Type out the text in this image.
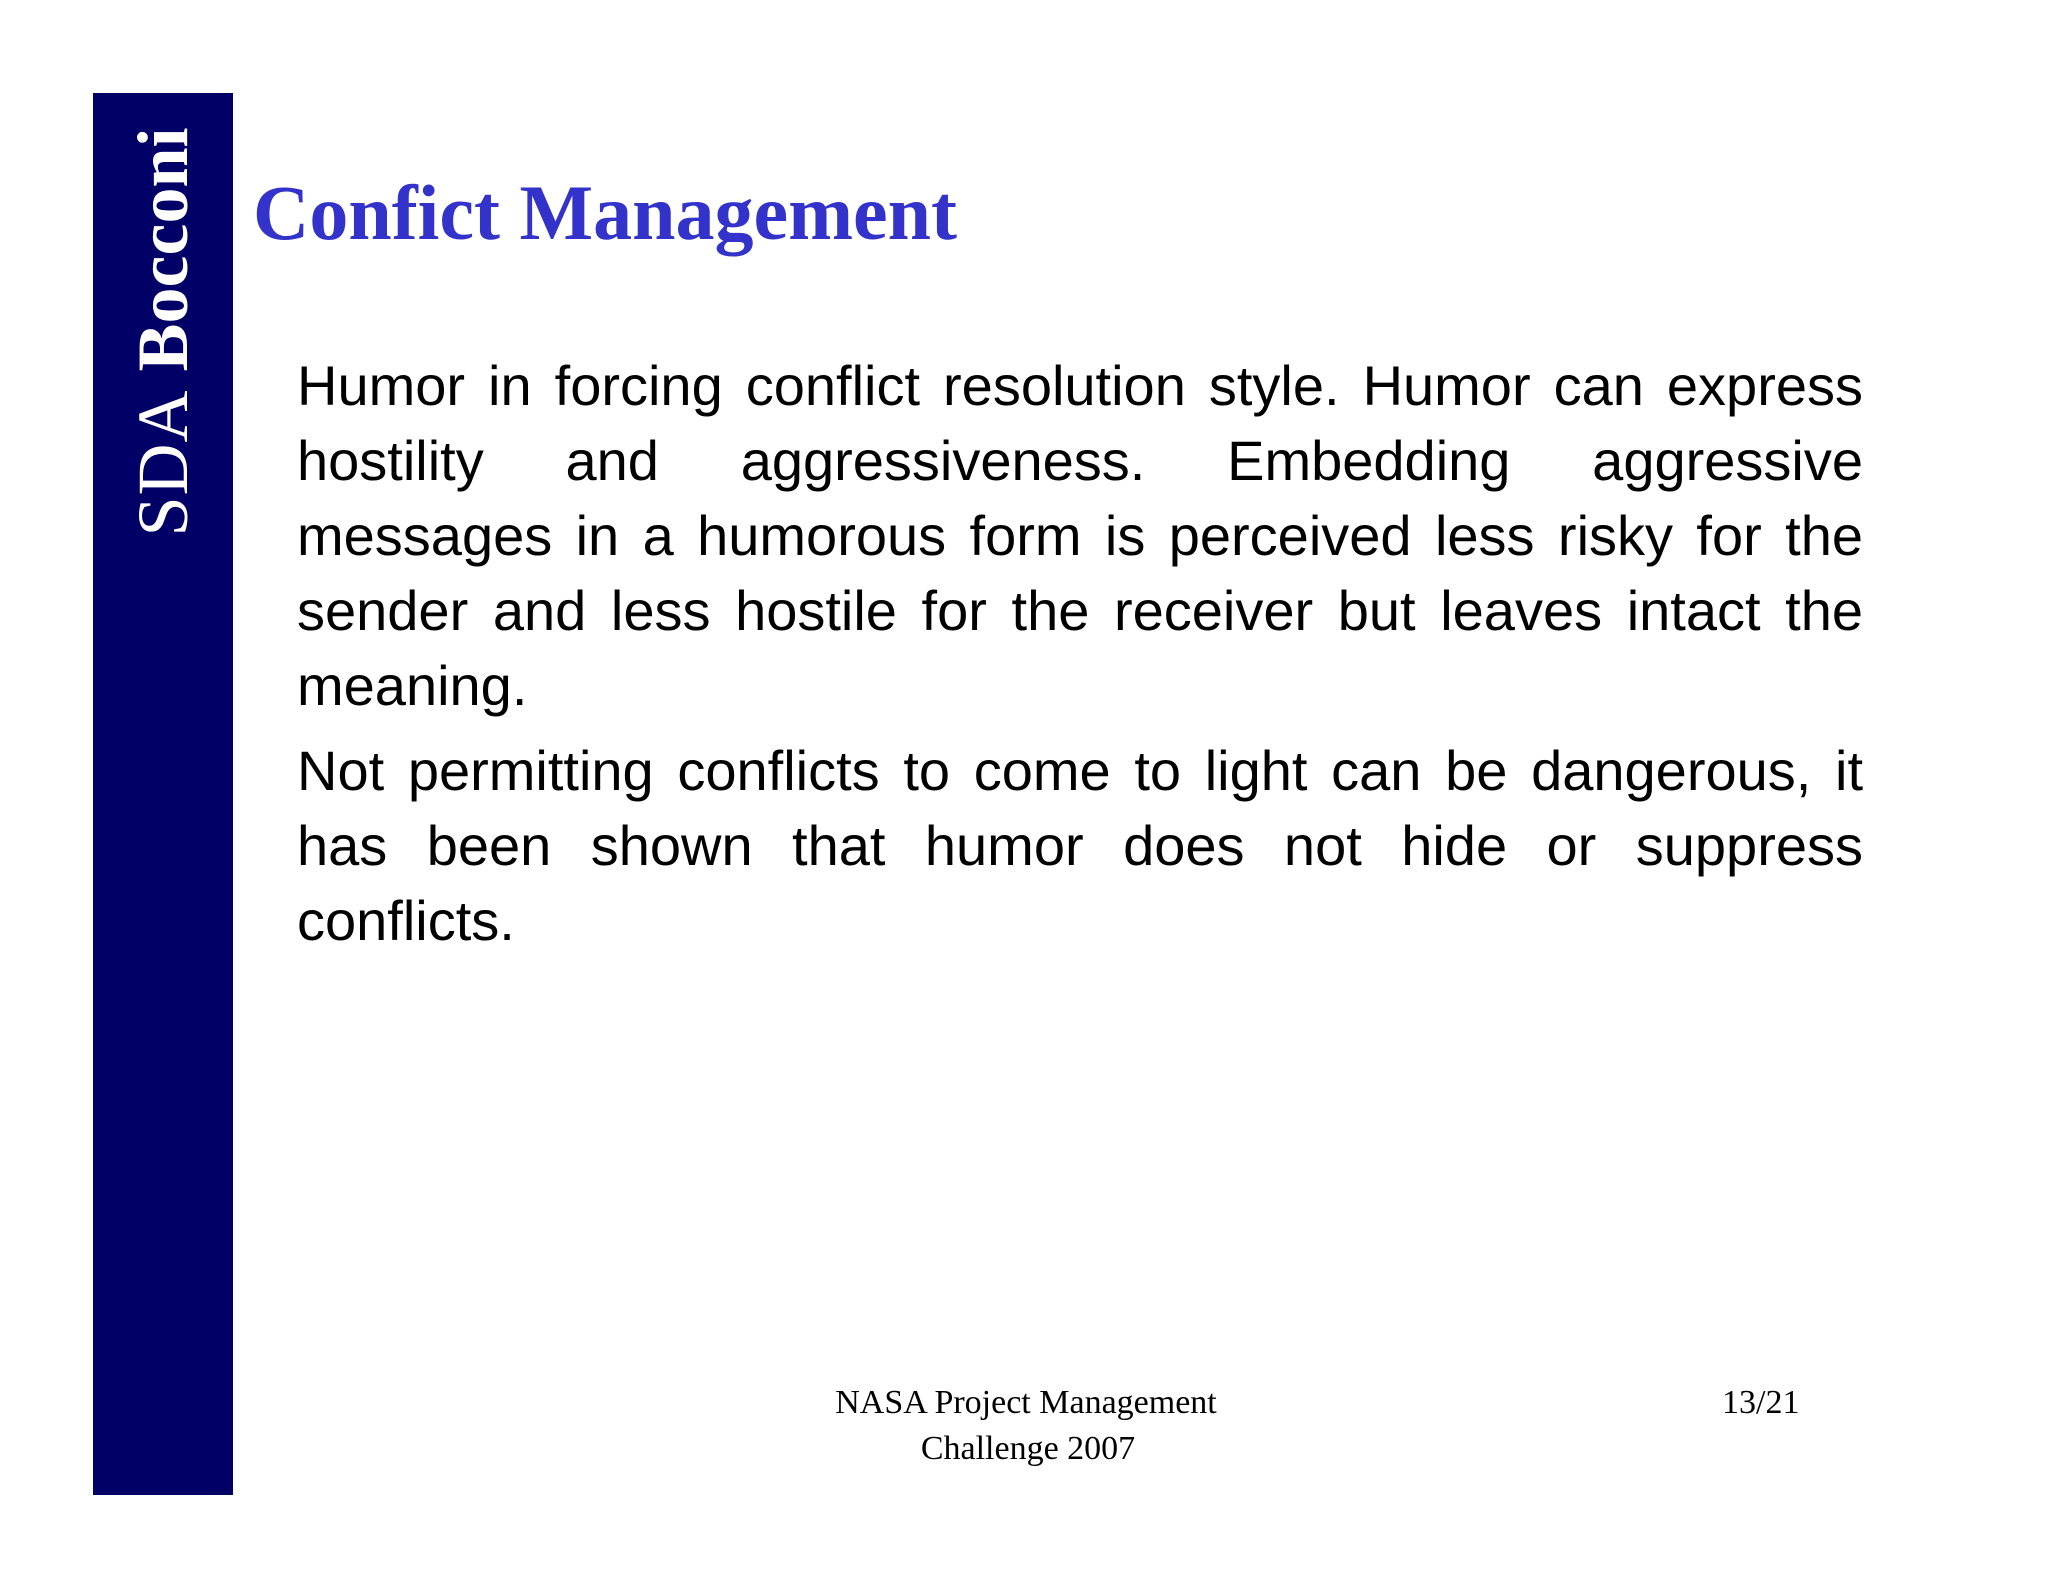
SDA Bocconi Confict Management

Humor in forcing conflict resolution style. Humor can express hostility and aggressiveness. Embedding aggressive messages in a humorous form is perceived less risky for the sender and less hostile for the receiver but leaves intact the meaning.

Not permitting conflicts to come to light can be dangerous, it has been shown that humor does not hide or suppress conflicts.

NASA Project Management
Challenge 2007
13/21
